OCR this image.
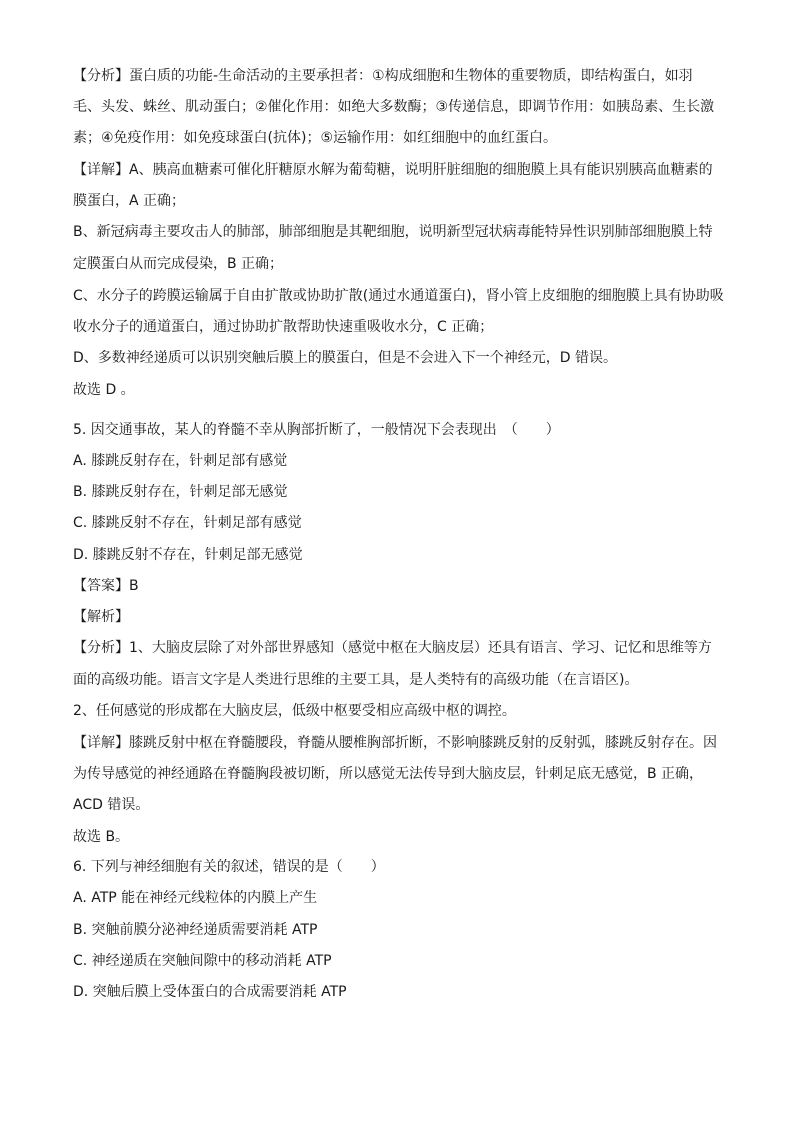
【分析】蛋白质的功能-生命活动的主要承担者：①构成细胞和生物体的重要物质，即结构蛋白，如羽
毛、头发、蛛丝、肌动蛋白；②催化作用：如绝大多数酶；③传递信息，即调节作用：如胰岛素、生长激
素；④免疫作用：如免疫球蛋白(抗体)；⑤运输作用：如红细胞中的血红蛋白。
【详解】A、胰高血糖素可催化肝糖原水解为葡萄糖，说明肝脏细胞的细胞膜上具有能识别胰高血糖素的
膜蛋白，A 正确；
B、新冠病毒主要攻击人的肺部，肺部细胞是其靶细胞，说明新型冠状病毒能特异性识别肺部细胞膜上特
定膜蛋白从而完成侵染，B 正确；
C、水分子的跨膜运输属于自由扩散或协助扩散(通过水通道蛋白)，肾小管上皮细胞的细胞膜上具有协助吸
收水分子的通道蛋白，通过协助扩散帮助快速重吸收水分，C 正确；
D、多数神经递质可以识别突触后膜上的膜蛋白，但是不会进入下一个神经元，D 错误。
故选 D 。
5. 因交通事故，某人的脊髓不幸从胸部折断了，一般情况下会表现出　（　　）
A. 膝跳反射存在，针刺足部有感觉
B. 膝跳反射存在，针刺足部无感觉
C. 膝跳反射不存在，针刺足部有感觉
D. 膝跳反射不存在，针刺足部无感觉
【答案】B
【解析】
【分析】1、大脑皮层除了对外部世界感知（感觉中枢在大脑皮层）还具有语言、学习、记忆和思维等方
面的高级功能。语言文字是人类进行思维的主要工具，是人类特有的高级功能（在言语区)。
2、任何感觉的形成都在大脑皮层，低级中枢要受相应高级中枢的调控。
【详解】膝跳反射中枢在脊髓腰段，脊髓从腰椎胸部折断，不影响膝跳反射的反射弧，膝跳反射存在。因
为传导感觉的神经通路在脊髓胸段被切断，所以感觉无法传导到大脑皮层，针刺足底无感觉，B 正确，
ACD 错误。
故选 B。
6. 下列与神经细胞有关的叙述，错误的是（　　）
A. ATP 能在神经元线粒体的内膜上产生
B. 突触前膜分泌神经递质需要消耗 ATP
C. 神经递质在突触间隙中的移动消耗 ATP
D. 突触后膜上受体蛋白的合成需要消耗 ATP
